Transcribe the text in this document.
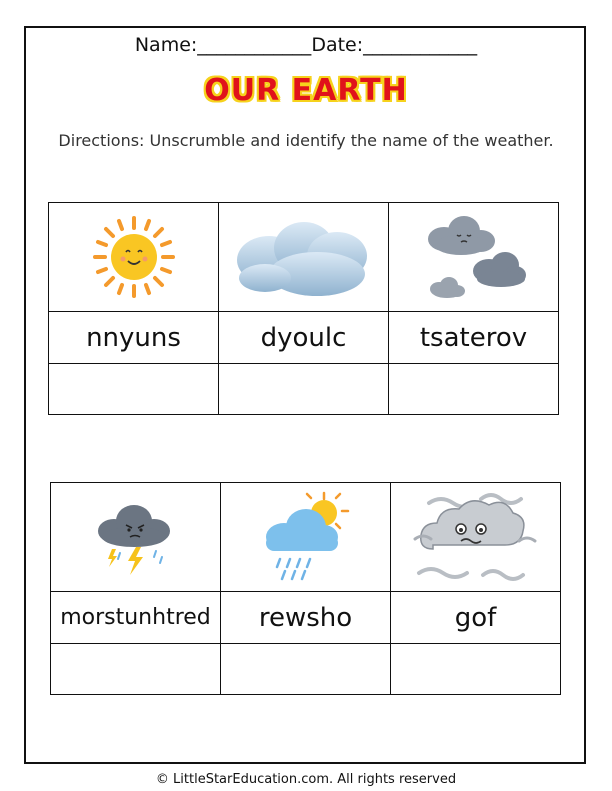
Name:____________Date:____________
OUR EARTH
Directions: Unscrumble and identify the name of the weather.

nnyuns	dyoulc	tsaterov

morstunhtred	rewsho	gof

© LittleStarEducation.com. All rights reserved
